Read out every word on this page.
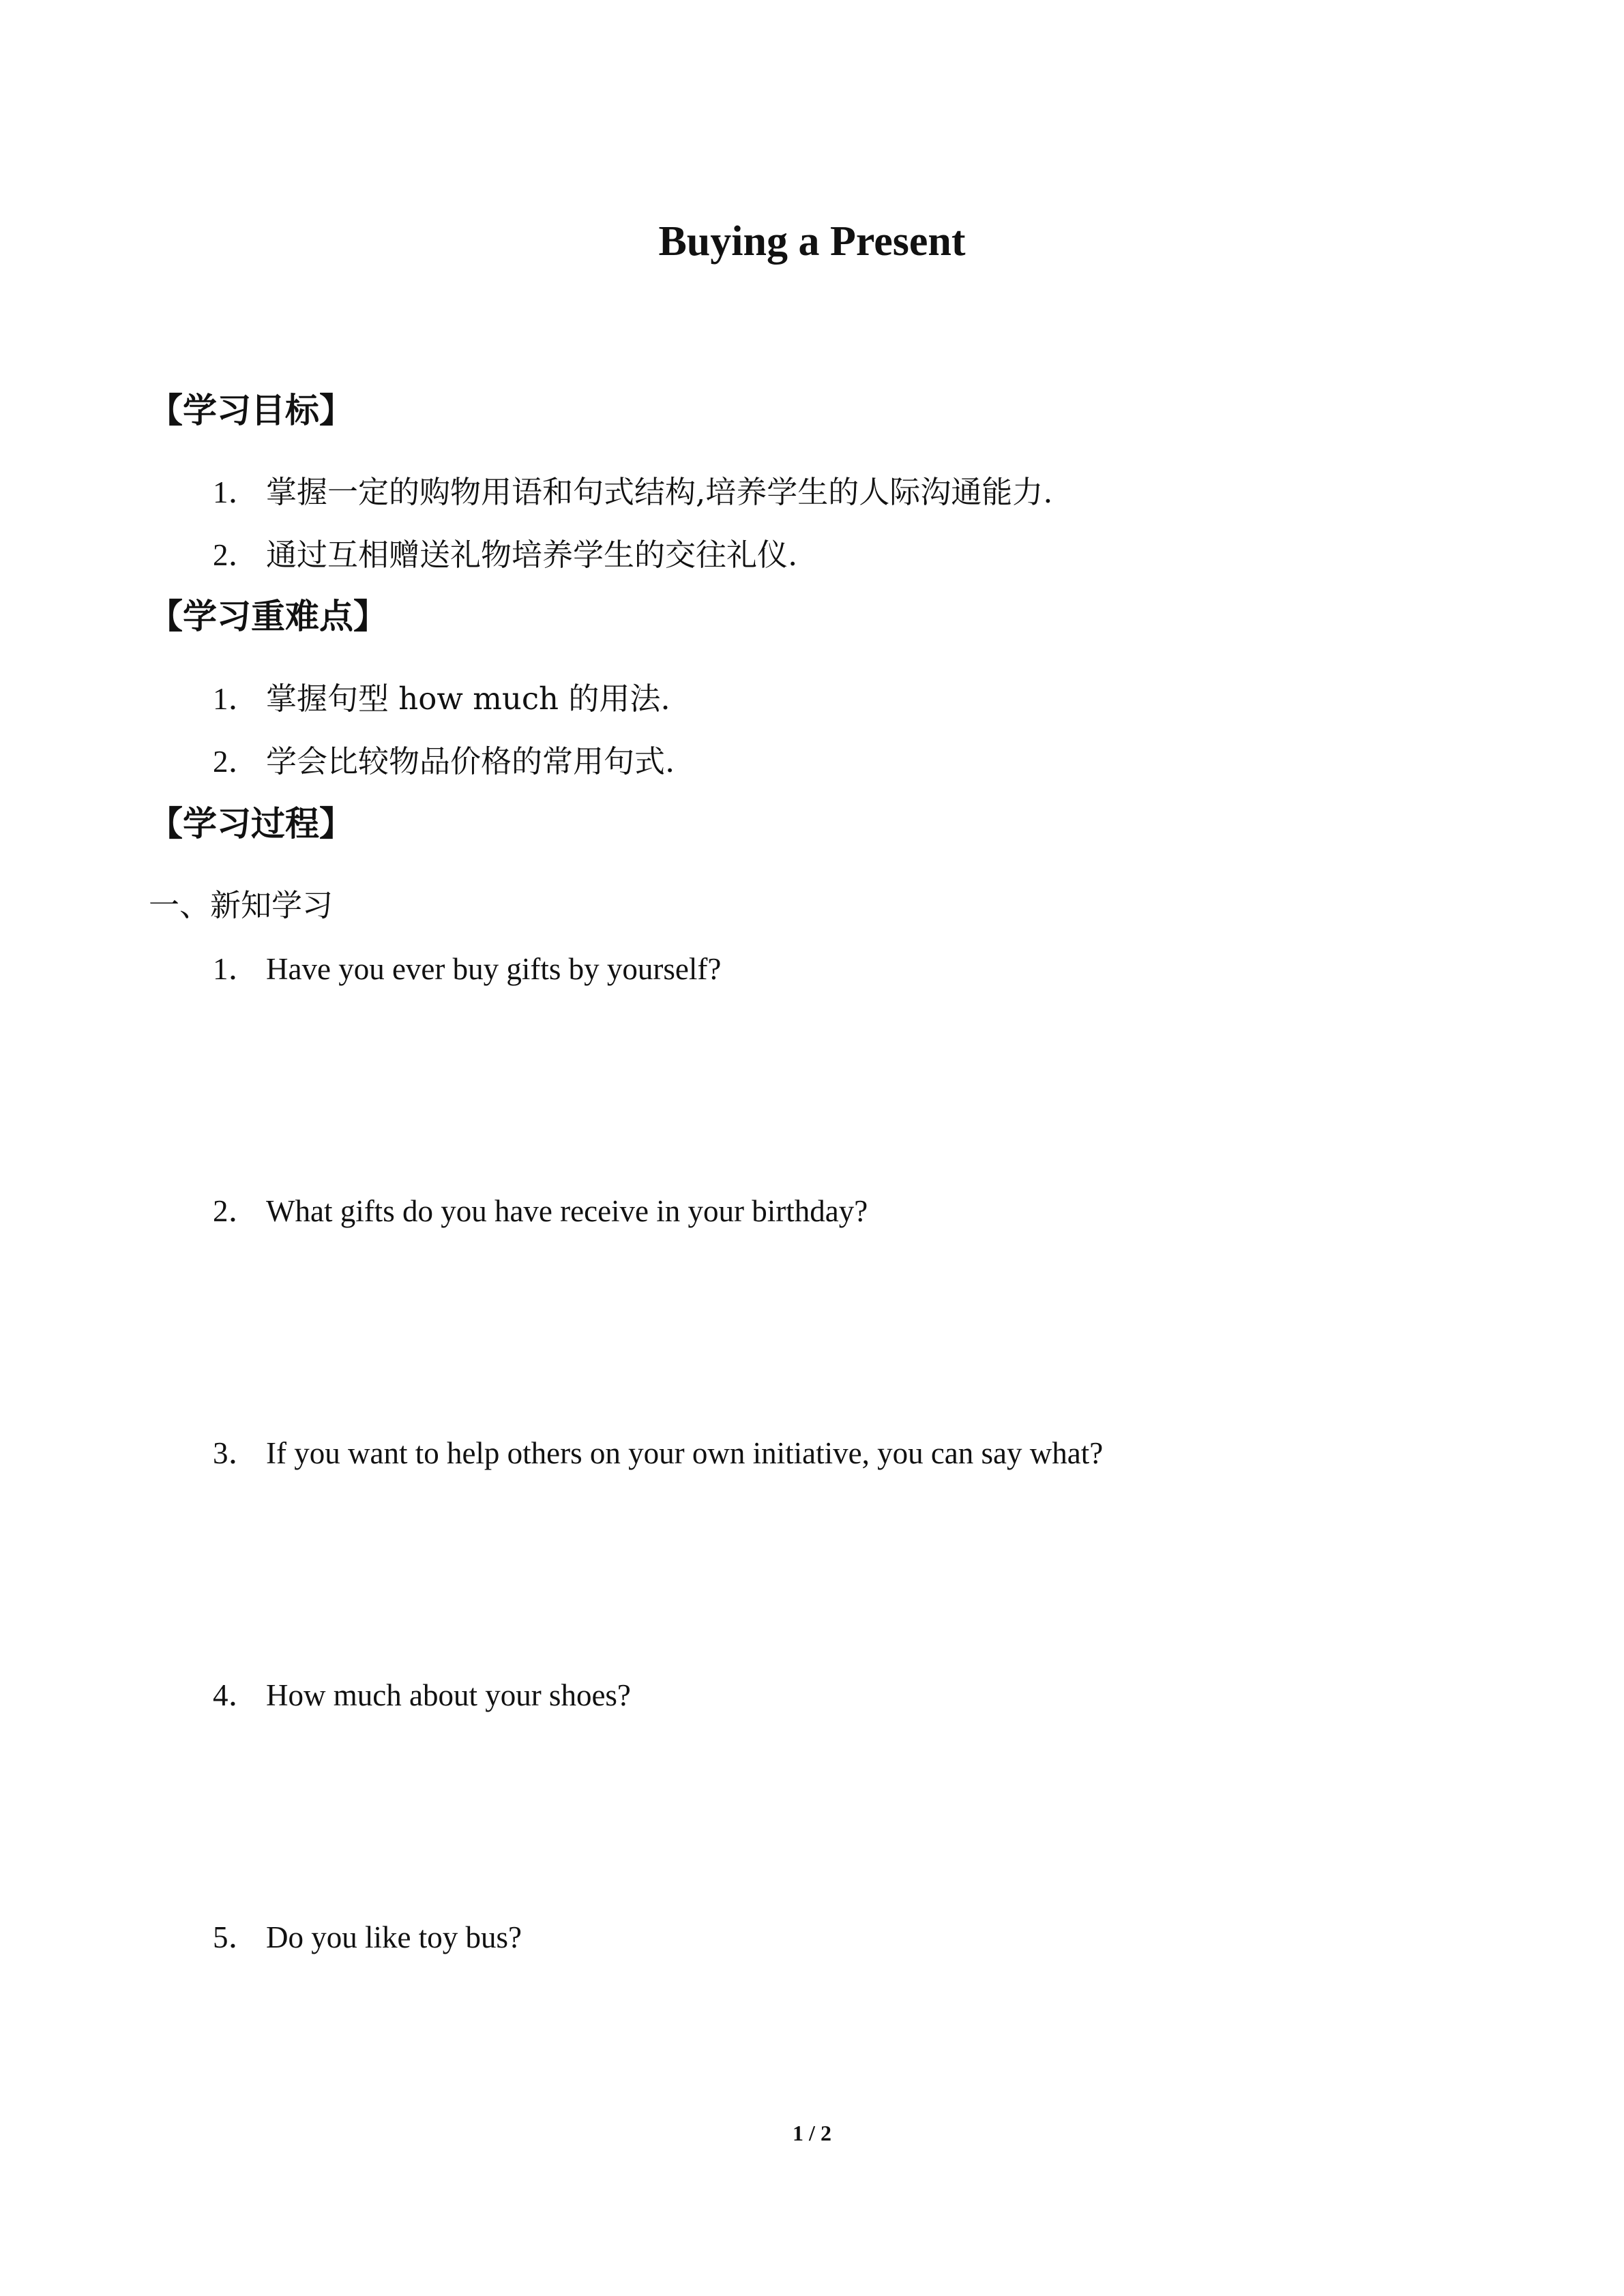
Buying a Present
【学习目标】

1． 掌握一定的购物用语和句式结构,培养学生的人际沟通能力.

2． 通过互相赠送礼物培养学生的交往礼仪.

【学习重难点】

1． 掌握句型 how much 的用法.

2． 学会比较物品价格的常用句式.

【学习过程】

一、新知学习

1． Have you ever buy gifts by yourself?

2． What gifts do you have receive in your birthday?

3． If you want to help others on your own initiative, you can say what?

4． How much about your shoes?

5． Do you like toy bus?

1 / 2
